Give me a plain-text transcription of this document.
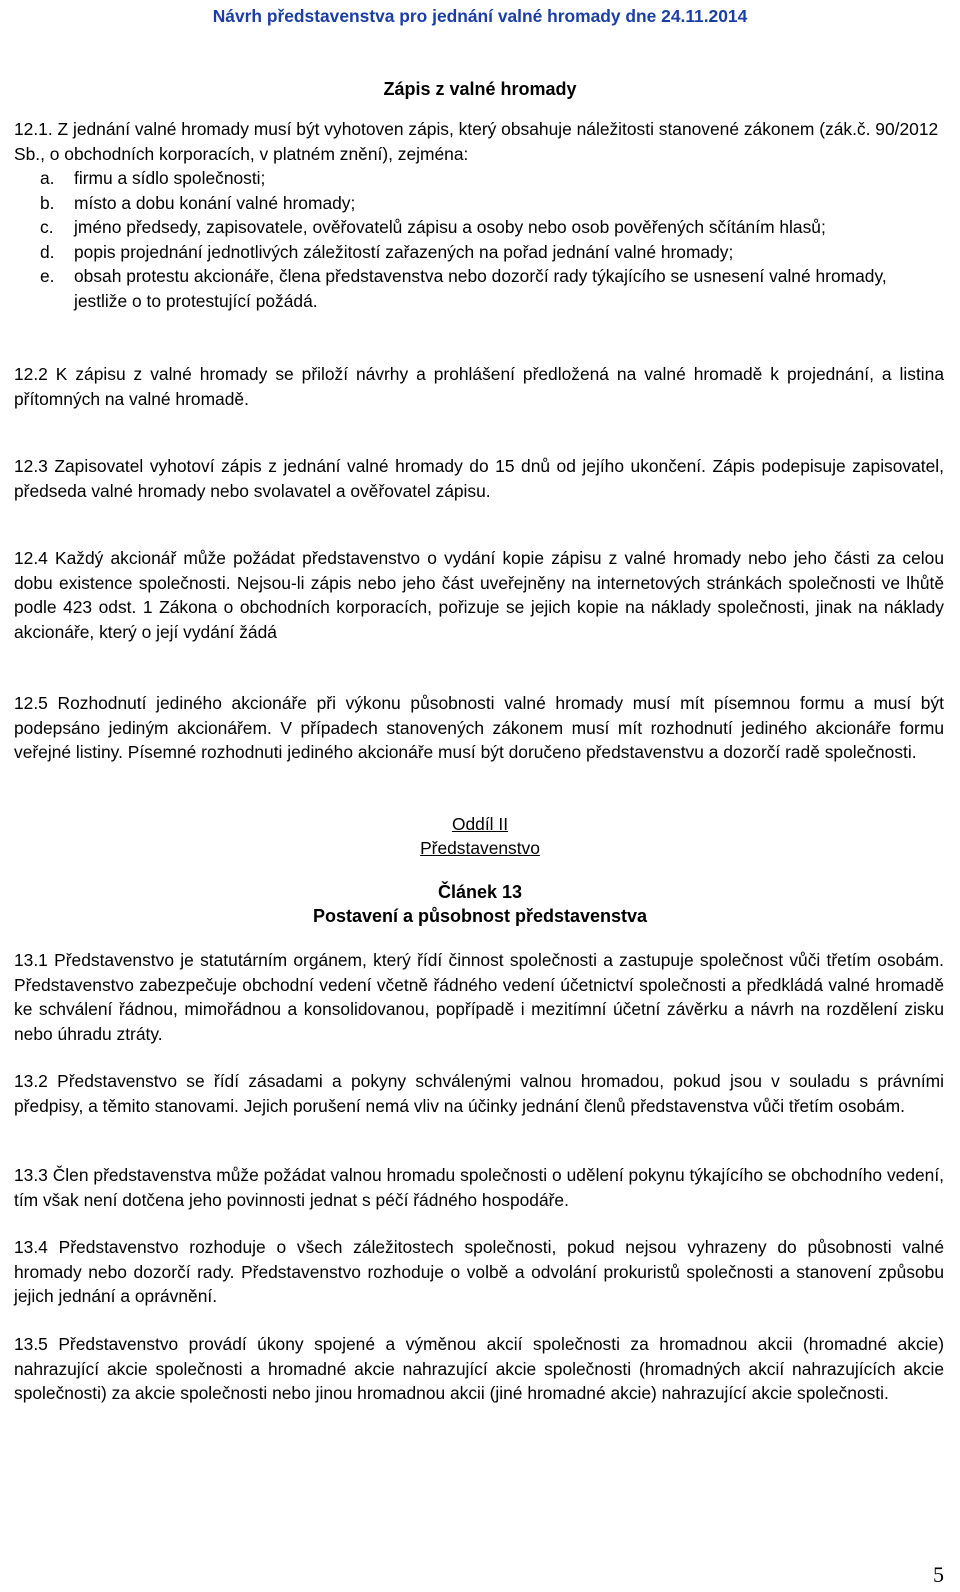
Návrh představenstva pro jednání valné hromady dne 24.11.2014
Zápis z valné hromady
12.1. Z jednání valné hromady musí být vyhotoven zápis, který obsahuje náležitosti stanovené zákonem (zák.č. 90/2012 Sb., o obchodních korporacích, v platném znění), zejména:
a. firmu a sídlo společnosti;
b. místo a dobu konání valné hromady;
c. jméno předsedy, zapisovatele, ověřovatelů zápisu a osoby nebo osob pověřených sčítáním hlasů;
d. popis projednání jednotlivých záležitostí zařazených na pořad jednání valné hromady;
e. obsah protestu akcionáře, člena představenstva nebo dozorčí rady týkajícího se usnesení valné hromady, jestliže o to protestující požádá.
12.2 K zápisu z valné hromady se přiloží návrhy a prohlášení předložená na valné hromadě k projednání, a listina přítomných na valné hromadě.
12.3 Zapisovatel vyhotoví zápis z jednání valné hromady do 15 dnů od jejího ukončení. Zápis podepisuje zapisovatel, předseda valné hromady nebo svolavatel a ověřovatel zápisu.
12.4 Každý akcionář může požádat představenstvo o vydání kopie zápisu z valné hromady nebo jeho části za celou dobu existence společnosti. Nejsou-li zápis nebo jeho část uveřejněny na internetových stránkách společnosti ve lhůtě podle 423 odst. 1 Zákona o obchodních korporacích, pořizuje se jejich kopie na náklady společnosti, jinak na náklady akcionáře, který o její vydání žádá
12.5 Rozhodnutí jediného akcionáře při výkonu působnosti valné hromady musí mít písemnou formu a musí být podepsáno jediným akcionářem. V případech stanovených zákonem musí mít rozhodnutí jediného akcionáře formu veřejné listiny. Písemné rozhodnuti jediného akcionáře musí být doručeno představenstvu a dozorčí radě společnosti.
Oddíl II
Představenstvo
Článek 13
Postavení a působnost představenstva
13.1 Představenstvo je statutárním orgánem, který řídí činnost společnosti a zastupuje společnost vůči třetím osobám. Představenstvo zabezpečuje obchodní vedení včetně řádného vedení účetnictví společnosti a předkládá valné hromadě ke schválení řádnou, mimořádnou a konsolidovanou, popřípadě i mezitímní účetní závěrku a návrh na rozdělení zisku nebo úhradu ztráty.
13.2 Představenstvo se řídí zásadami a pokyny schválenými valnou hromadou, pokud jsou v souladu s právními předpisy, a těmito stanovami. Jejich porušení nemá vliv na účinky jednání členů představenstva vůči třetím osobám.
13.3 Člen představenstva může požádat valnou hromadu společnosti o udělení pokynu týkajícího se obchodního vedení, tím však není dotčena jeho povinnosti jednat s péčí řádného hospodáře.
13.4 Představenstvo rozhoduje o všech záležitostech společnosti, pokud nejsou vyhrazeny do působnosti valné hromady nebo dozorčí rady. Představenstvo rozhoduje o volbě a odvolání prokuristů společnosti a stanovení způsobu jejich jednání a oprávnění.
13.5 Představenstvo provádí úkony spojené a výměnou akcií společnosti za hromadnou akcii (hromadné akcie) nahrazující akcie společnosti a hromadné akcie nahrazující akcie společnosti (hromadných akcií nahrazujících akcie společnosti) za akcie společnosti nebo jinou hromadnou akcii (jiné hromadné akcie) nahrazující akcie společnosti.
5
